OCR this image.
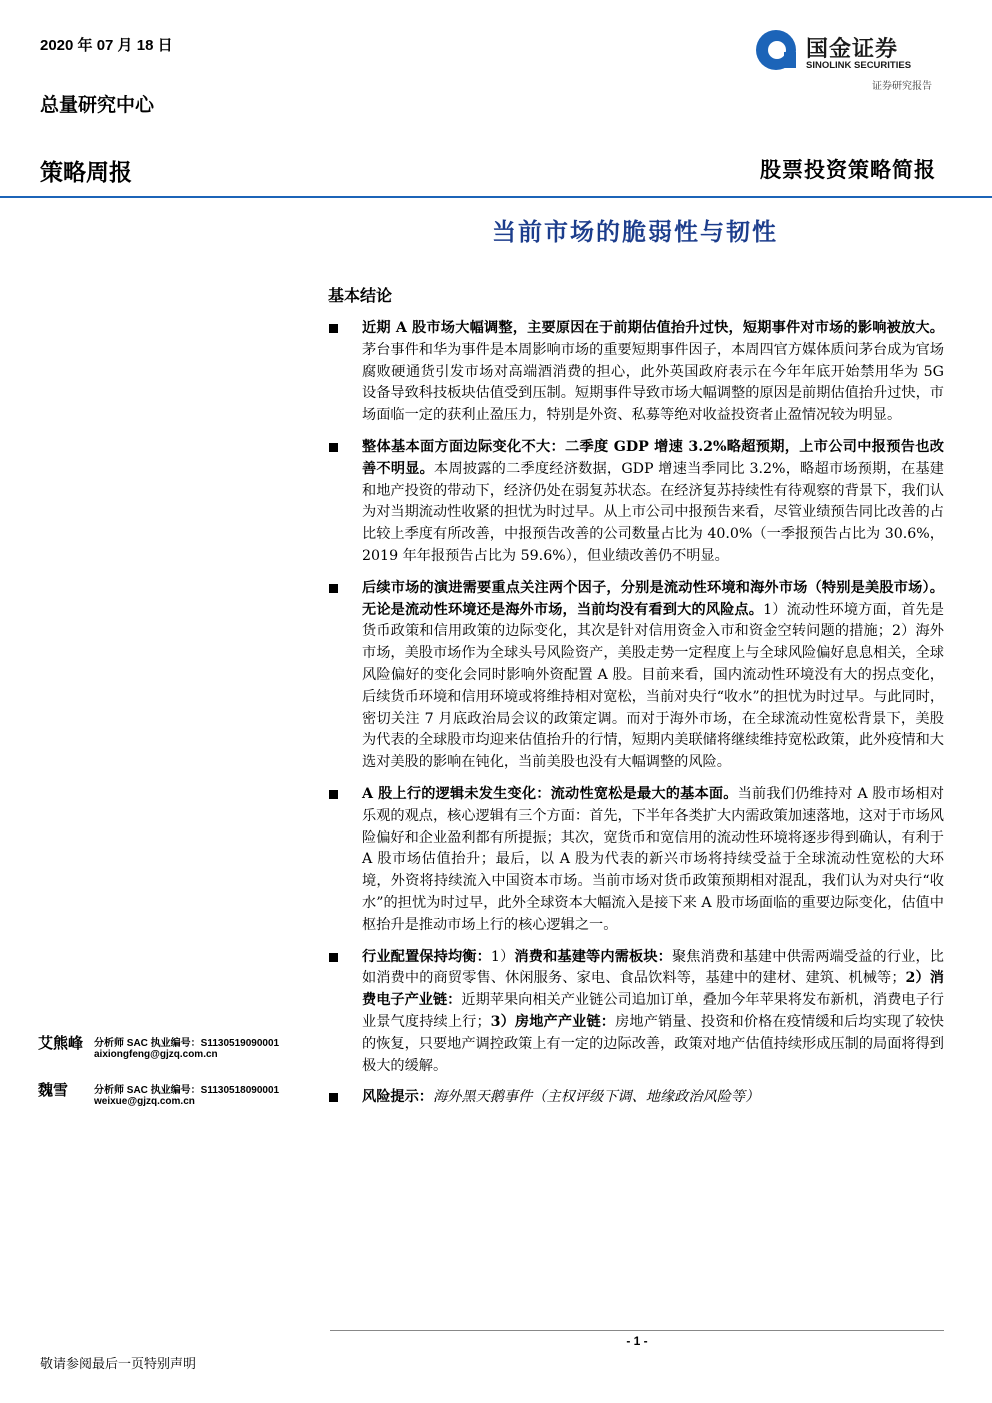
2020 年 07 月 18 日
总量研究中心
国金证券
SINOLINK SECURITIES
证券研究报告
策略周报	股票投资策略简报
当前市场的脆弱性与韧性
基本结论
近期 A 股市场大幅调整，主要原因在于前期估值抬升过快，短期事件对市场的影响被放大。茅台事件和华为事件是本周影响市场的重要短期事件因子，本周四官方媒体质问茅台成为官场腐败硬通货引发市场对高端酒消费的担心，此外英国政府表示在今年年底开始禁用华为 5G 设备导致科技板块估值受到压制。短期事件导致市场大幅调整的原因是前期估值抬升过快，市场面临一定的获利止盈压力，特别是外资、私募等绝对收益投资者止盈情况较为明显。
整体基本面方面边际变化不大：二季度 GDP 增速 3.2%略超预期，上市公司中报预告也改善不明显。本周披露的二季度经济数据，GDP 增速当季同比 3.2%，略超市场预期，在基建和地产投资的带动下，经济仍处在弱复苏状态。在经济复苏持续性有待观察的背景下，我们认为对当期流动性收紧的担忧为时过早。从上市公司中报预告来看，尽管业绩预告同比改善的占比较上季度有所改善，中报预告改善的公司数量占比为 40.0%（一季报预告占比为 30.6%，2019 年年报预告占比为 59.6%），但业绩改善仍不明显。
后续市场的演进需要重点关注两个因子，分别是流动性环境和海外市场（特别是美股市场）。无论是流动性环境还是海外市场，当前均没有看到大的风险点。1）流动性环境方面，首先是货币政策和信用政策的边际变化，其次是针对信用资金入市和资金空转问题的措施；2）海外市场，美股市场作为全球头号风险资产，美股走势一定程度上与全球风险偏好息息相关，全球风险偏好的变化会同时影响外资配置 A 股。目前来看，国内流动性环境没有大的拐点变化，后续货币环境和信用环境或将维持相对宽松，当前对央行“收水”的担忧为时过早。与此同时，密切关注 7 月底政治局会议的政策定调。而对于海外市场，在全球流动性宽松背景下，美股为代表的全球股市均迎来估值抬升的行情，短期内美联储将继续维持宽松政策，此外疫情和大选对美股的影响在钝化，当前美股也没有大幅调整的风险。
A 股上行的逻辑未发生变化：流动性宽松是最大的基本面。当前我们仍维持对 A 股市场相对乐观的观点，核心逻辑有三个方面：首先，下半年各类扩大内需政策加速落地，这对于市场风险偏好和企业盈利都有所提振；其次，宽货币和宽信用的流动性环境将逐步得到确认，有利于 A 股市场估值抬升；最后，以 A 股为代表的新兴市场将持续受益于全球流动性宽松的大环境，外资将持续流入中国资本市场。当前市场对货币政策预期相对混乱，我们认为对央行“收水”的担忧为时过早，此外全球资本大幅流入是接下来 A 股市场面临的重要边际变化，估值中枢抬升是推动市场上行的核心逻辑之一。
行业配置保持均衡：1）消费和基建等内需板块：聚焦消费和基建中供需两端受益的行业，比如消费中的商贸零售、休闲服务、家电、食品饮料等，基建中的建材、建筑、机械等；2）消费电子产业链：近期苹果向相关产业链公司追加订单，叠加今年苹果将发布新机，消费电子行业景气度持续上行；3）房地产产业链：房地产销量、投资和价格在疫情缓和后均实现了较快的恢复，只要地产调控政策上有一定的边际改善，政策对地产估值持续形成压制的局面将得到极大的缓解。
风险提示：海外黑天鹅事件（主权评级下调、地缘政治风险等）
艾熊峰 分析师 SAC 执业编号：S1130519090001
aixiongfeng@gjzq.com.cn
魏雪	分析师 SAC 执业编号：S1130518090001
weixue@gjzq.com.cn
- 1 -
敬请参阅最后一页特别声明
